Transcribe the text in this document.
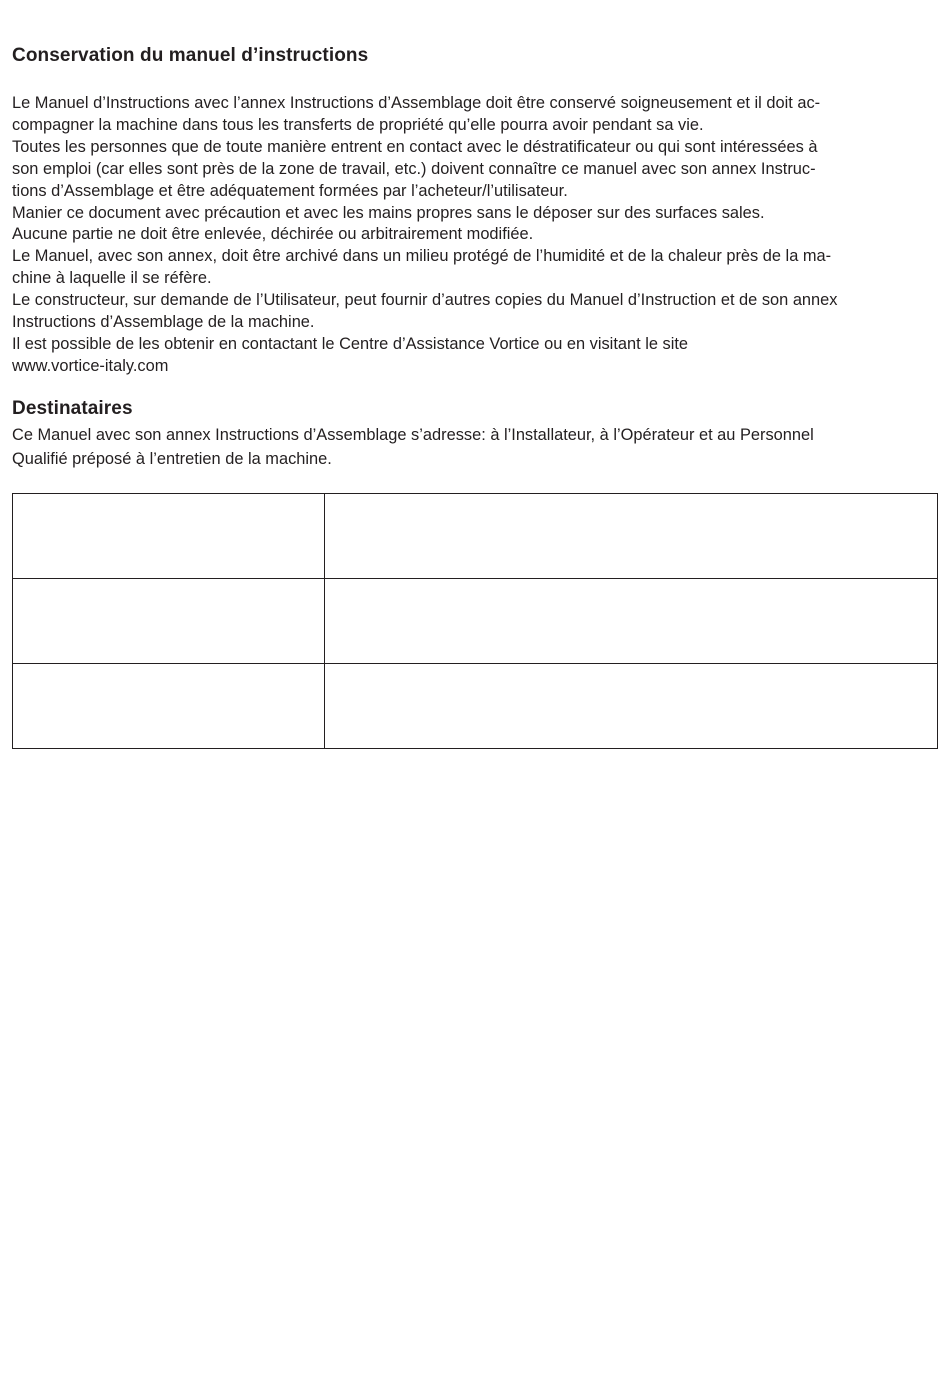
Conservation du manuel d’instructions

Le Manuel d’Instructions avec l’annex Instructions d’Assemblage doit être conservé soigneusement et il doit ac-
compagner la machine dans tous les transferts de propriété qu’elle pourra avoir pendant sa vie.

Toutes les personnes que de toute manière entrent en contact avec le déstratificateur ou qui sont intéressées à
son emploi (car elles sont près de la zone de travail, etc.) doivent connaître ce manuel avec son annex Instruc-
tions d’Assemblage et être adéquatement formées par l’acheteur/l’utilisateur.

Manier ce document avec précaution et avec les mains propres sans le déposer sur des surfaces sales.

Aucune partie ne doit être enlevée, déchirée ou arbitrairement modifiée.

Le Manuel, avec son annex, doit être archivé dans un milieu protégé de l’humidité et de la chaleur près de la ma-
chine à laquelle il se réfère.

Le constructeur, sur demande de l’Utilisateur, peut fournir d’autres copies du Manuel d’Instruction et de son annex
Instructions d’Assemblage de la machine.

Il est possible de les obtenir en contactant le Centre d’Assistance Vortice ou en visitant le site
www.vortice-italy.com

Destinataires

Ce Manuel avec son annex Instructions d’Assemblage s’adresse: à l’Installateur, à l’Opérateur et au Personnel
Qualifié préposé à l’entretien de la machine.
